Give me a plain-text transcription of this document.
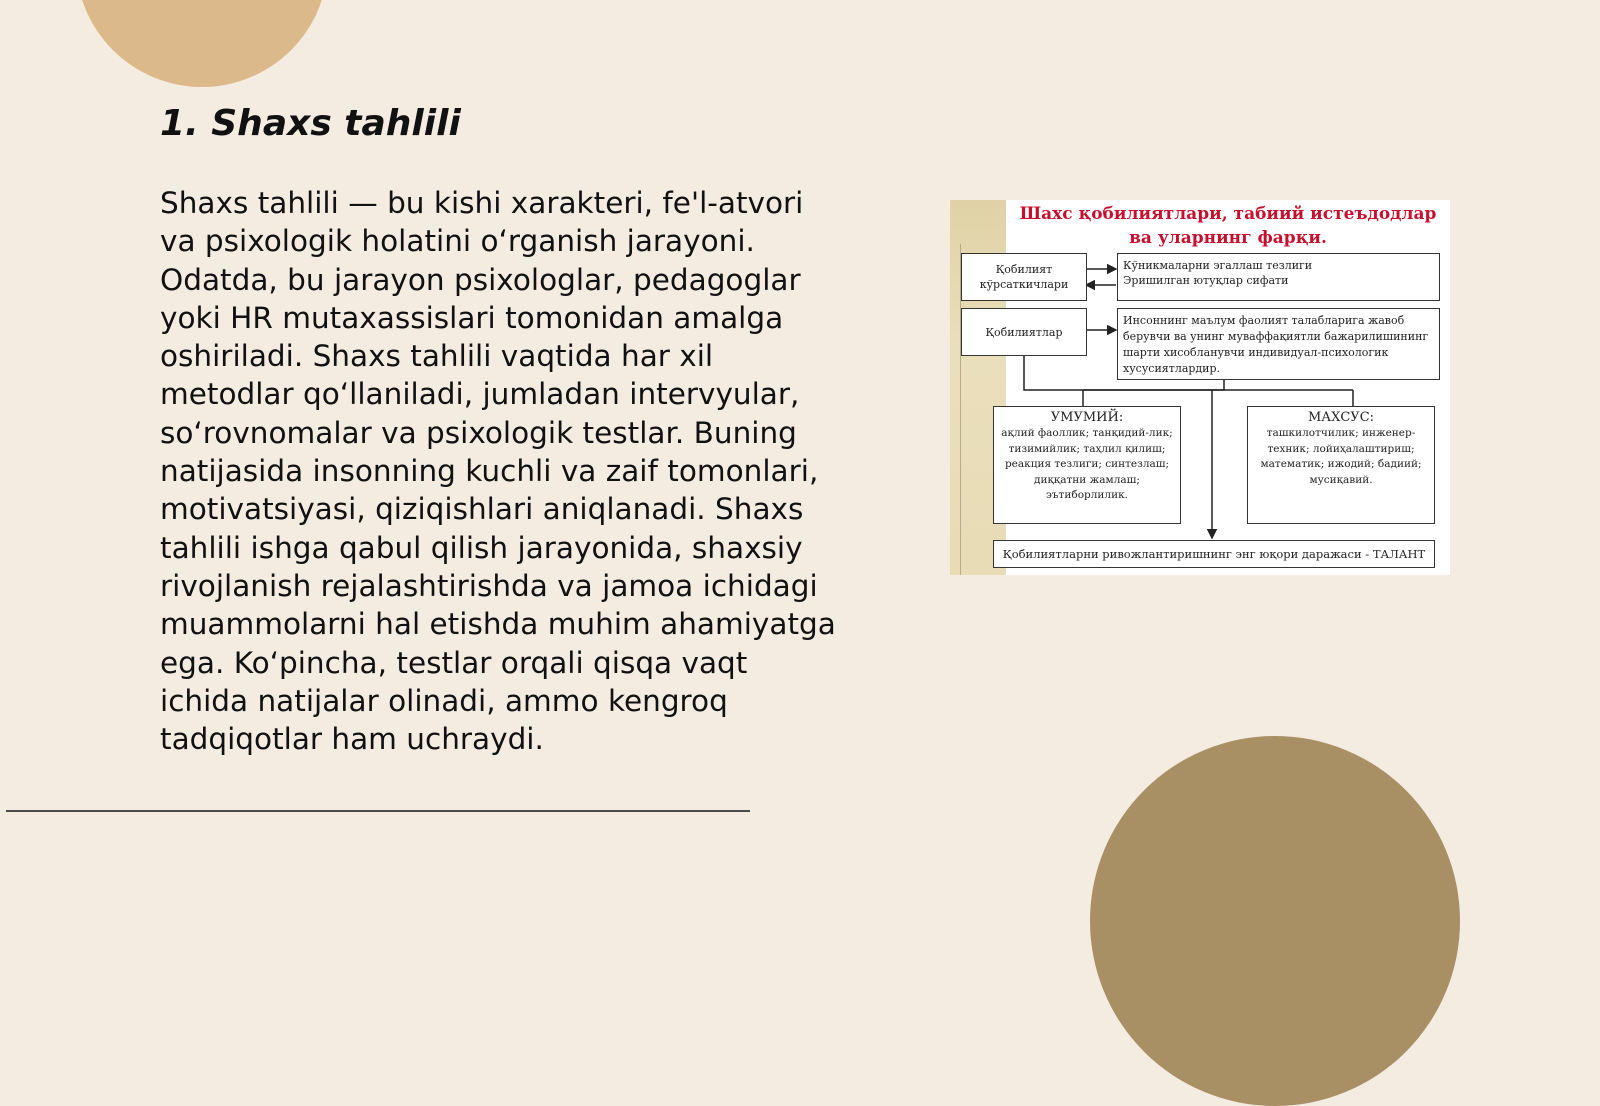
1. Shaxs tahlili

Shaxs tahlili — bu kishi xarakteri, fe'l-atvori va psixologik holatini o‘rganish jarayoni. Odatda, bu jarayon psixologlar, pedagoglar yoki HR mutaxassislari tomonidan amalga oshiriladi. Shaxs tahlili vaqtida har xil metodlar qo‘llaniladi, jumladan intervyular, so‘rovnomalar va psixologik testlar. Buning natijasida insonning kuchli va zaif tomonlari, motivatsiyasi, qiziqishlari aniqlanadi. Shaxs tahlili ishga qabul qilish jarayonida, shaxsiy rivojlanish rejalashtirishda va jamoa ichidagi muammolarni hal etishda muhim ahamiyatga ega. Ko‘pincha, testlar orqali qisqa vaqt ichida natijalar olinadi, ammo kengroq tadqiqotlar ham uchraydi.

Шахс қобилиятлари, табиий истеъдодлар ва уларнинг фарқи.
Қобилият кўрсаткичлари
Кўникмаларни эгаллаш тезлиги
Эришилган ютуқлар сифати
Қобилиятлар
Инсоннинг маълум фаолият талабларига жавоб берувчи ва унинг муваффақиятли бажарилишининг шарти хисобланувчи индивидуал-психологик хусусиятлардир.
УМУМИЙ:
ақлий фаоллик; танқидий-лик; тизимийлик; таҳлил қилиш; реакция тезлиги; синтезлаш; диққатни жамлаш; эътиборлилик.
МАХСУС:
ташкилотчилик; инженер-техник; лойиҳалаштириш; математик; ижодий; бадиий; мусиқавий.
Қобилиятларни ривожлантиришнинг энг юқори даражаси - ТАЛАНТ
